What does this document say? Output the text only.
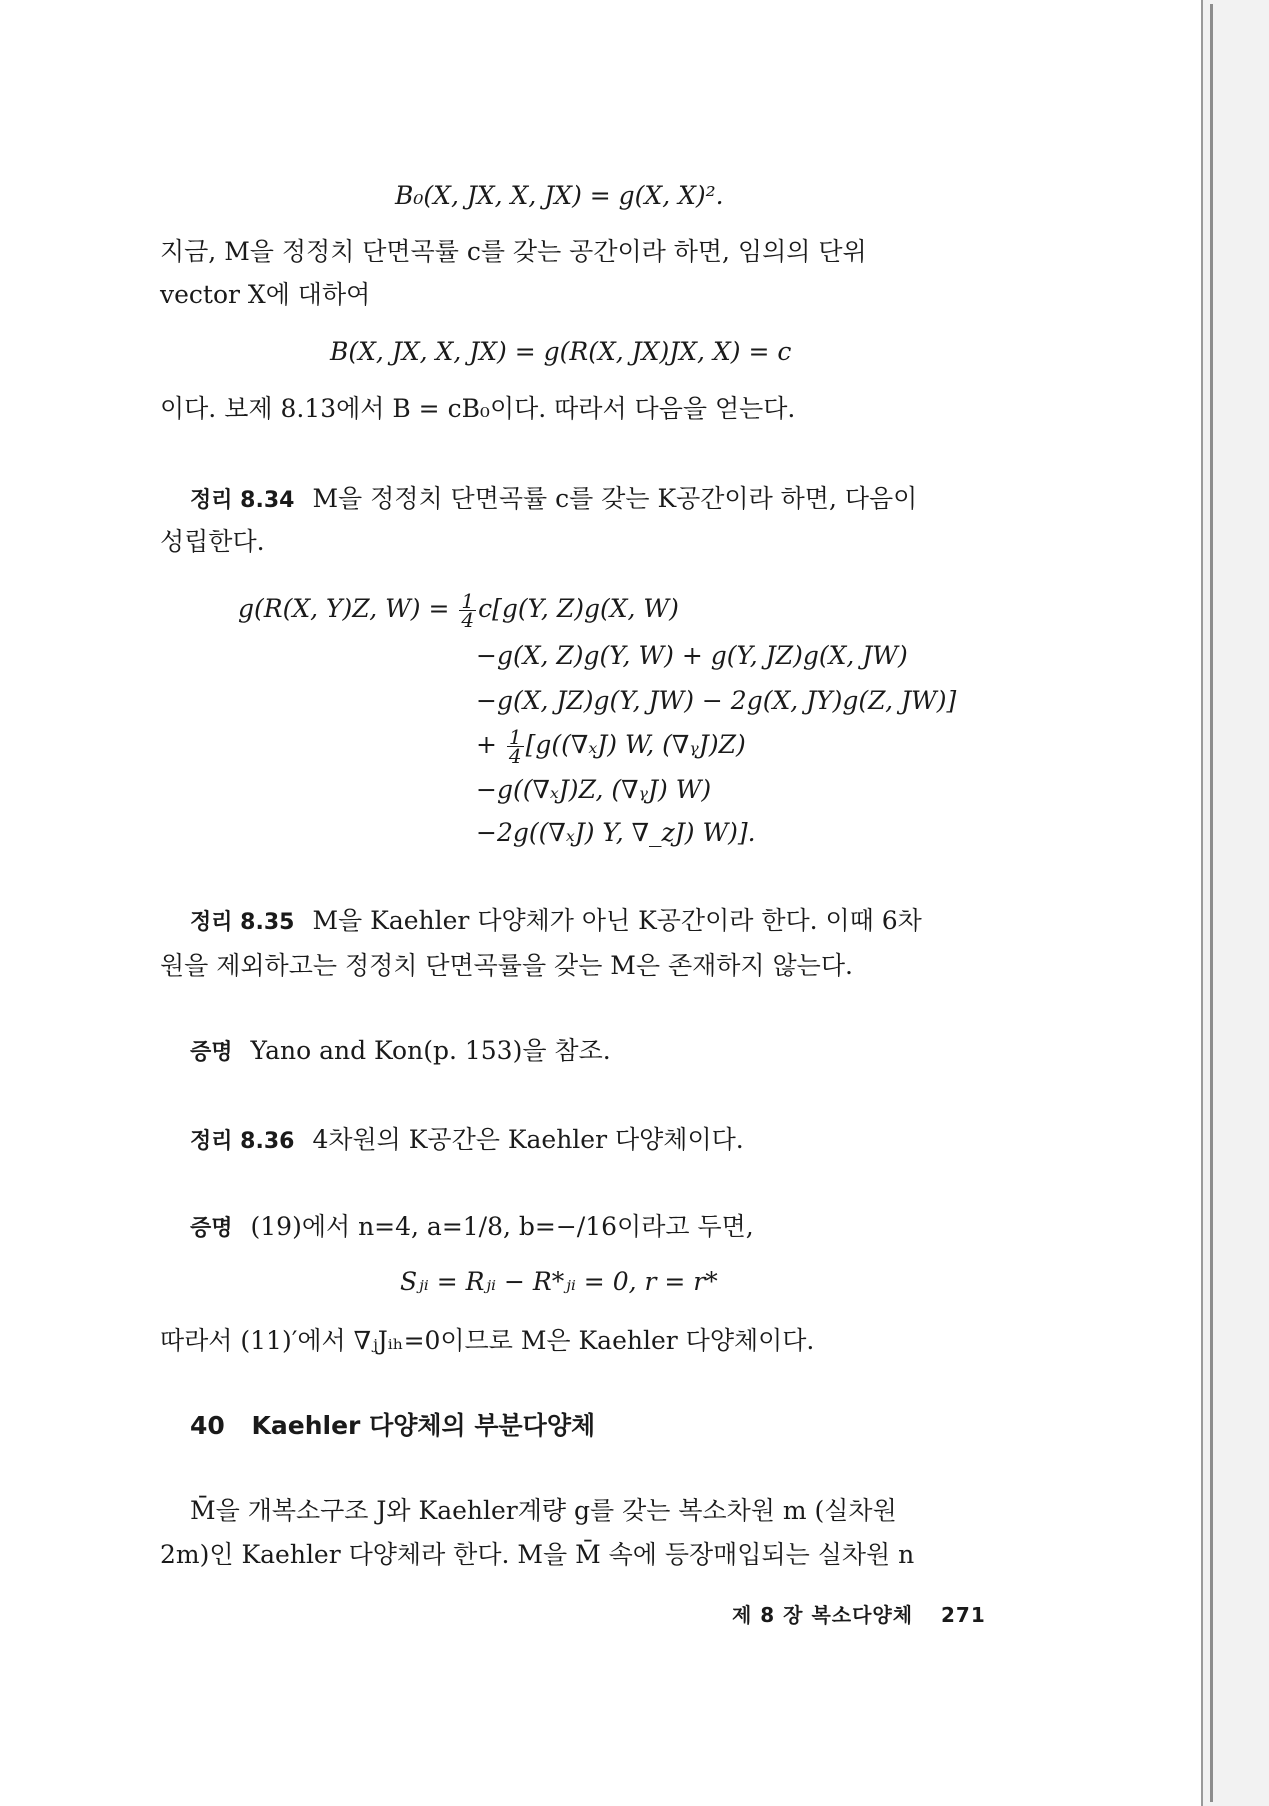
B₀(X, JX, X, JX) = g(X, X)².
지금, M을 정정치 단면곡률 c를 갖는 공간이라 하면, 임의의 단위
vector X에 대하여
B(X, JX, X, JX) = g(R(X, JX)JX, X) = c
이다. 보제 8.13에서 B = cB₀이다. 따라서 다음을 얻는다.
정리 8.34 M을 정정치 단면곡률 c를 갖는 K공간이라 하면, 다음이
성립한다.
g(R(X, Y)Z, $W) = \frac{1}{4} c[g(Y$, Z)g(X, W)
−g(X, Z)g(Y, W) + g(Y, JZ)g(X, JW)
−g(X, JZ)g(Y, JW) − 2g(X, JY)g(Z, JW)]
+ $\frac{1}{4} [g((\nabla_xJ)$ W, (∇ᵧJ)Z)
−g((∇ₓJ)Z, (∇ᵧJ) W)
−2g((∇ₓJ) Y, ∇_zJ) W)].
정리 8.35 M을 Kaehler 다양체가 아닌 K공간이라 한다. 이때 6차
원을 제외하고는 정정치 단면곡률을 갖는 M은 존재하지 않는다.
증명 Yano and Kon(p. 153)을 참조.
정리 8.36 4차원의 K공간은 Kaehler 다양체이다.
증명 (19)에서 n=4, a=1/8, b=−/16이라고 두면,
Sⱼᵢ = Rⱼᵢ − R*ⱼᵢ = 0, r = r*
따라서 (11)′에서 ∇ⱼJᵢₕ=0이므로 M은 Kaehler 다양체이다.
40 Kaehler 다양체의 부분다양체
M̄을 개복소구조 J와 Kaehler계량 g를 갖는 복소차원 m (실차원
2m)인 Kaehler 다양체라 한다. M을 M̄ 속에 등장매입되는 실차원 n
제 8 장 복소다양체 271
